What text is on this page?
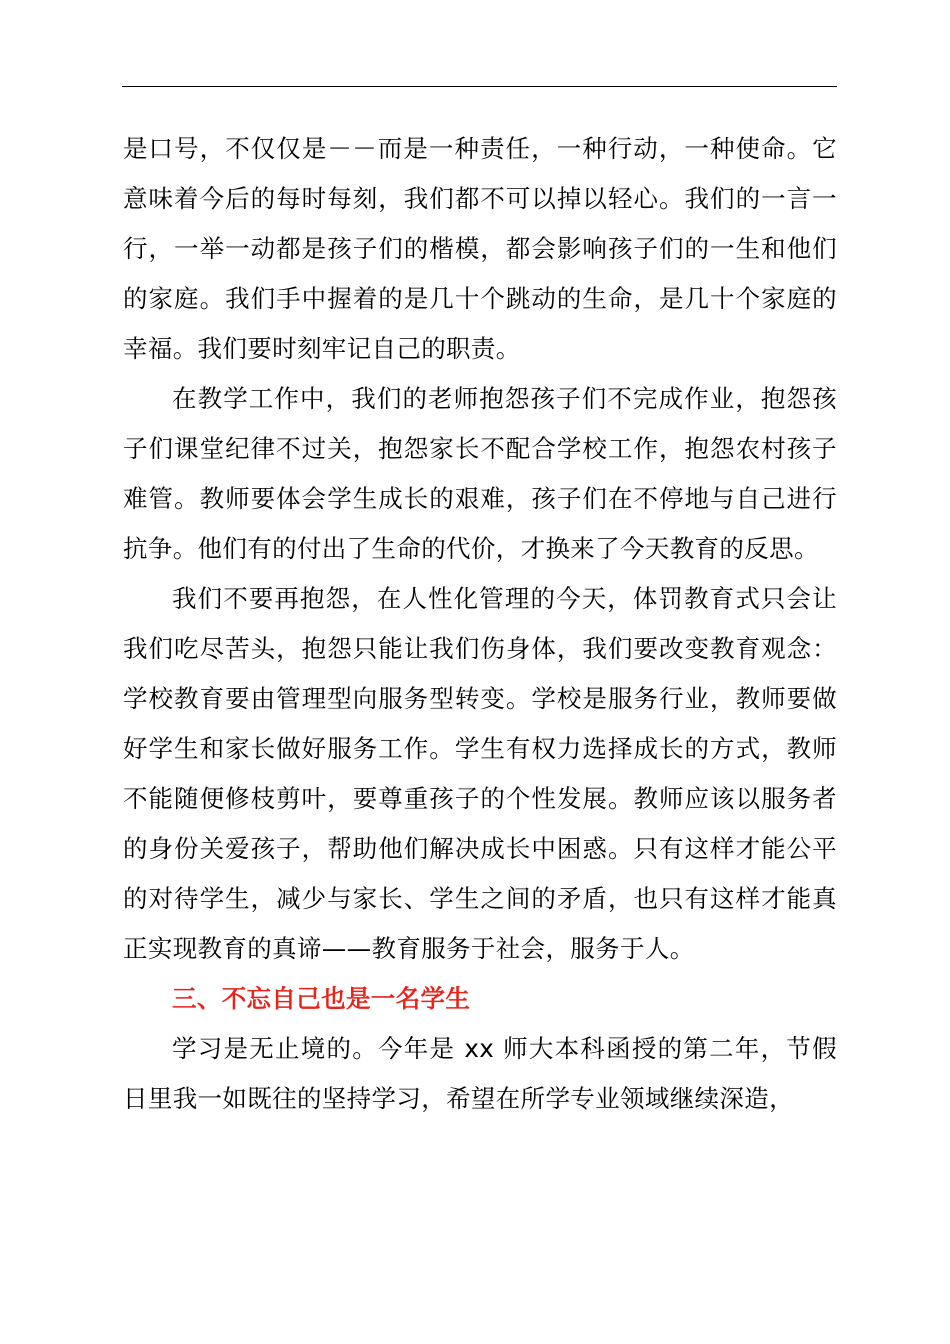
是口号，不仅仅是－－而是一种责任，一种行动，一种使命。它意味着今后的每时每刻，我们都不可以掉以轻心。我们的一言一行，一举一动都是孩子们的楷模，都会影响孩子们的一生和他们的家庭。我们手中握着的是几十个跳动的生命，是几十个家庭的幸福。我们要时刻牢记自己的职责。

在教学工作中，我们的老师抱怨孩子们不完成作业，抱怨孩子们课堂纪律不过关，抱怨家长不配合学校工作，抱怨农村孩子难管。教师要体会学生成长的艰难，孩子们在不停地与自己进行抗争。他们有的付出了生命的代价，才换来了今天教育的反思。

我们不要再抱怨，在人性化管理的今天，体罚教育式只会让我们吃尽苦头，抱怨只能让我们伤身体，我们要改变教育观念：学校教育要由管理型向服务型转变。学校是服务行业，教师要做好学生和家长做好服务工作。学生有权力选择成长的方式，教师不能随便修枝剪叶，要尊重孩子的个性发展。教师应该以服务者的身份关爱孩子，帮助他们解决成长中困惑。只有这样才能公平的对待学生，减少与家长、学生之间的矛盾，也只有这样才能真正实现教育的真谛——教育服务于社会，服务于人。

三、不忘自己也是一名学生

学习是无止境的。今年是 xx 师大本科函授的第二年，节假日里我一如既往的坚持学习，希望在所学专业领域继续深造，
